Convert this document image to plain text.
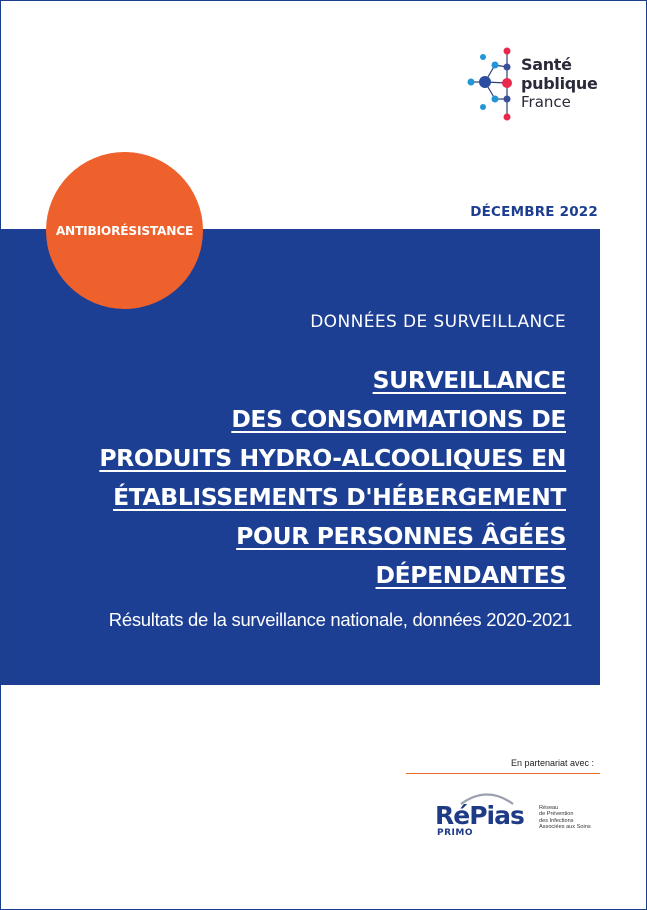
Santé
publique
France
DÉCEMBRE 2022
ANTIBIORÉSISTANCE
DONNÉES DE SURVEILLANCE
SURVEILLANCE
DES CONSOMMATIONS DE
PRODUITS HYDRO-ALCOOLIQUES EN
ÉTABLISSEMENTS D'HÉBERGEMENT
POUR PERSONNES ÂGÉES
DÉPENDANTES
Résultats de la surveillance nationale, données 2020-2021
En partenariat avec :
RéPias
PRIMO
Réseau
de Prévention
des Infections
Associées aux Soins
